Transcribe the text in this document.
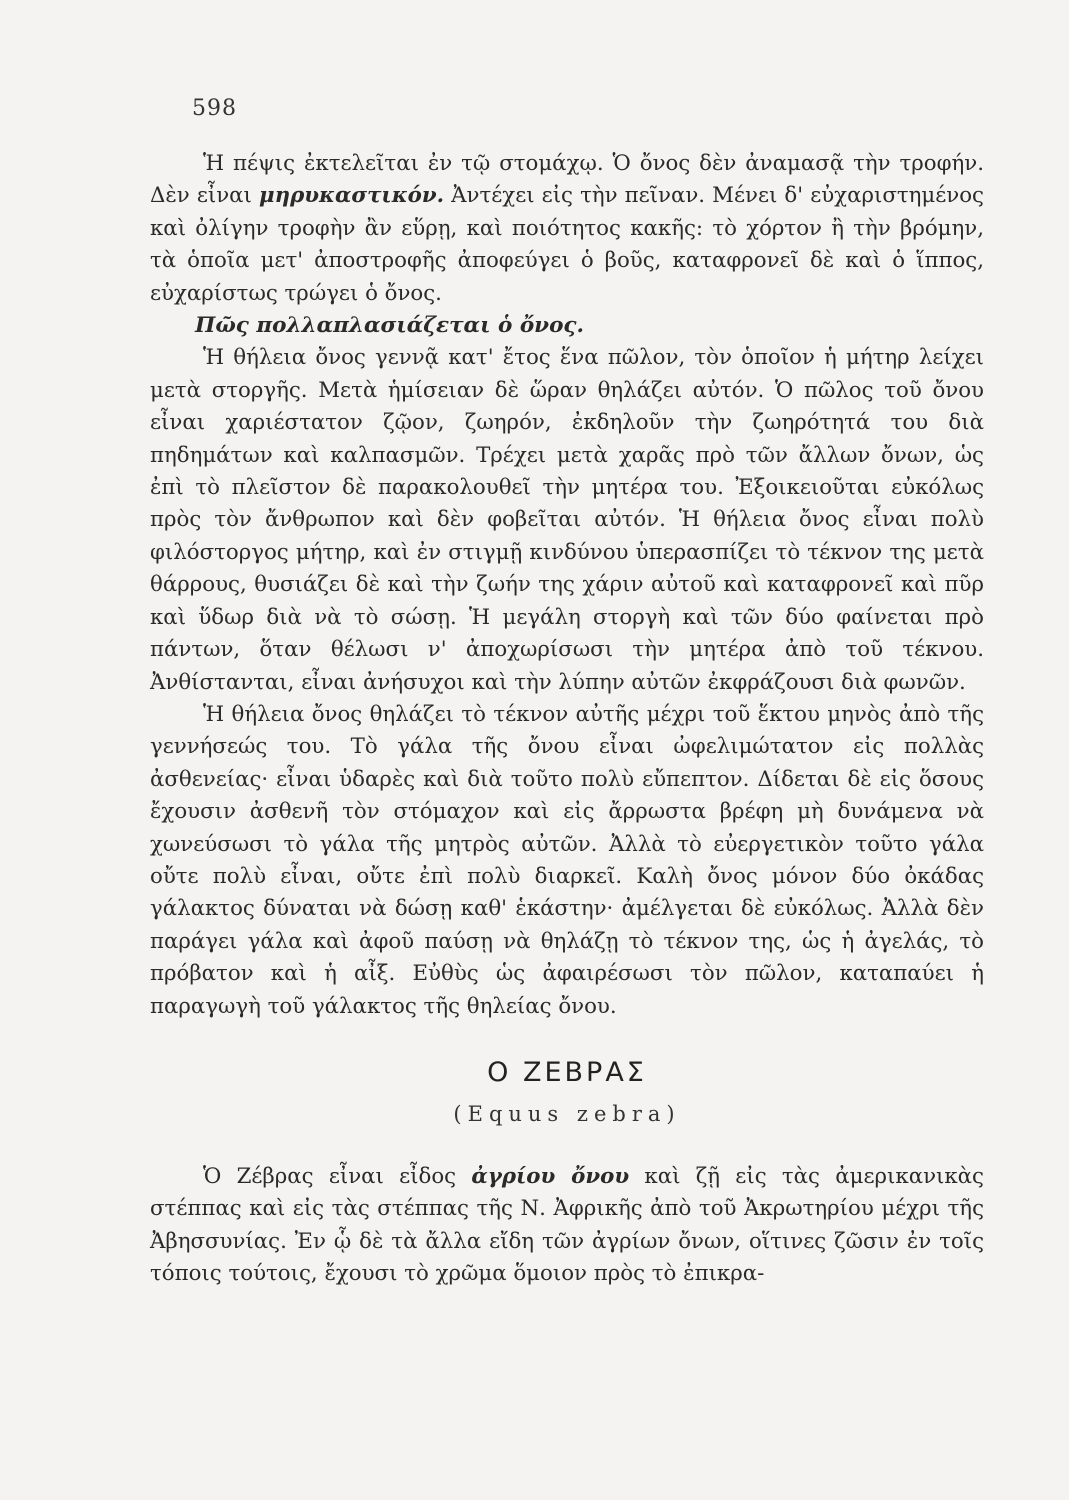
598

Ἡ πέψις ἐκτελεῖται ἐν τῷ στομάχῳ. Ὁ ὄνος δὲν ἀναμασᾷ τὴν τροφήν. Δὲν εἶναι μηρυκαστικόν. Ἀντέχει εἰς τὴν πεῖναν. Μένει δ' εὐχαριστημένος καὶ ὀλίγην τροφὴν ἂν εὕρῃ, καὶ ποιότητος κακῆς: τὸ χόρτον ἢ τὴν βρόμην, τὰ ὁποῖα μετ' ἀποστροφῆς ἀποφεύγει ὁ βοῦς, καταφρονεῖ δὲ καὶ ὁ ἵππος, εὐχαρίστως τρώγει ὁ ὄνος.

Πῶς πολλαπλασιάζεται ὁ ὄνος.

Ἡ θήλεια ὄνος γεννᾷ κατ' ἔτος ἕνα πῶλον, τὸν ὁποῖον ἡ μήτηρ λείχει μετὰ στοργῆς. Μετὰ ἡμίσειαν δὲ ὥραν θηλάζει αὐτόν. Ὁ πῶλος τοῦ ὄνου εἶναι χαριέστατον ζῷον, ζωηρόν, ἐκδηλοῦν τὴν ζωηρότητά του διὰ πηδημάτων καὶ καλπασμῶν. Τρέχει μετὰ χαρᾶς πρὸ τῶν ἄλλων ὄνων, ὡς ἐπὶ τὸ πλεῖστον δὲ παρακολουθεῖ τὴν μητέρα του. Ἐξοικειοῦται εὐκόλως πρὸς τὸν ἄνθρωπον καὶ δὲν φοβεῖται αὐτόν. Ἡ θήλεια ὄνος εἶναι πολὺ φιλόστοργος μήτηρ, καὶ ἐν στιγμῇ κινδύνου ὑπερασπίζει τὸ τέκνον της μετὰ θάρρους, θυσιάζει δὲ καὶ τὴν ζωήν της χάριν αὐτοῦ καὶ καταφρονεῖ καὶ πῦρ καὶ ὕδωρ διὰ νὰ τὸ σώσῃ. Ἡ μεγάλη στοργὴ καὶ τῶν δύο φαίνεται πρὸ πάντων, ὅταν θέλωσι ν' ἀποχωρίσωσι τὴν μητέρα ἀπὸ τοῦ τέκνου. Ἀνθίστανται, εἶναι ἀνήσυχοι καὶ τὴν λύπην αὐτῶν ἐκφράζουσι διὰ φωνῶν.

Ἡ θήλεια ὄνος θηλάζει τὸ τέκνον αὐτῆς μέχρι τοῦ ἕκτου μηνὸς ἀπὸ τῆς γεννήσεώς του. Τὸ γάλα τῆς ὄνου εἶναι ὠφελιμώτατον εἰς πολλὰς ἀσθενείας· εἶναι ὑδαρὲς καὶ διὰ τοῦτο πολὺ εὔπεπτον. Δίδεται δὲ εἰς ὅσους ἔχουσιν ἀσθενῆ τὸν στόμαχον καὶ εἰς ἄρρωστα βρέφη μὴ δυνάμενα νὰ χωνεύσωσι τὸ γάλα τῆς μητρὸς αὐτῶν. Ἀλλὰ τὸ εὐεργετικὸν τοῦτο γάλα οὔτε πολὺ εἶναι, οὔτε ἐπὶ πολὺ διαρκεῖ. Καλὴ ὄνος μόνον δύο ὀκάδας γάλακτος δύναται νὰ δώσῃ καθ' ἑκάστην· ἀμέλγεται δὲ εὐκόλως. Ἀλλὰ δὲν παράγει γάλα καὶ ἀφοῦ παύσῃ νὰ θηλάζῃ τὸ τέκνον της, ὡς ἡ ἀγελάς, τὸ πρόβατον καὶ ἡ αἶξ. Εὐθὺς ὡς ἀφαιρέσωσι τὸν πῶλον, καταπαύει ἡ παραγωγὴ τοῦ γάλακτος τῆς θηλείας ὄνου.

Ο ΖΕΒΡΑΣ
(Equus zebra)

Ὁ Ζέβρας εἶναι εἶδος ἀγρίου ὄνου καὶ ζῇ εἰς τὰς ἀμερικανικὰς στέππας καὶ εἰς τὰς στέππας τῆς Ν. Ἀφρικῆς ἀπὸ τοῦ Ἀκρωτηρίου μέχρι τῆς Ἀβησσυνίας. Ἐν ᾧ δὲ τὰ ἄλλα εἴδη τῶν ἀγρίων ὄνων, οἵτινες ζῶσιν ἐν τοῖς τόποις τούτοις, ἔχουσι τὸ χρῶμα ὅμοιον πρὸς τὸ ἐπικρα-
